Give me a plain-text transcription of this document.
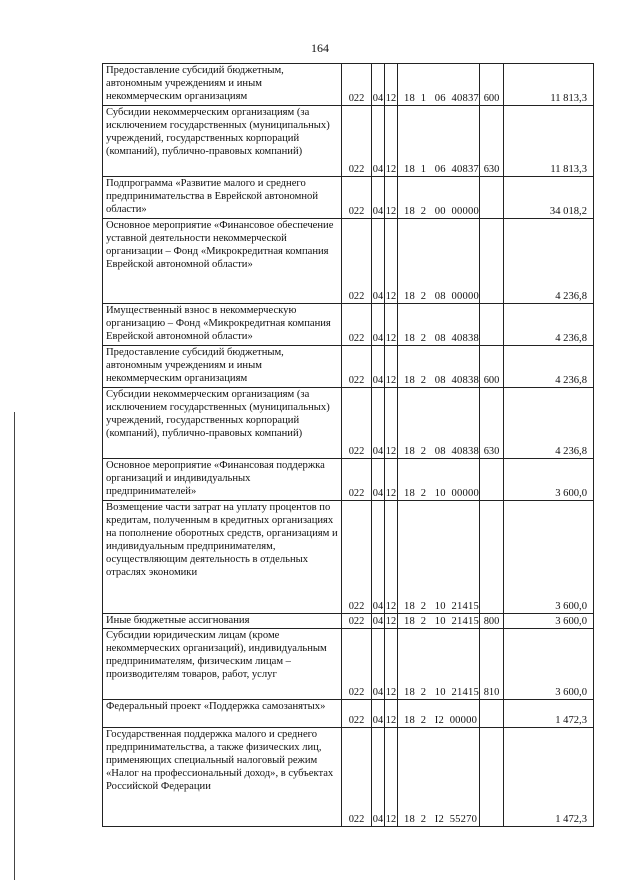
164
Предоставление субсидий бюджетным, автономным учреждениям и иным некоммерческим организациям	022	04	12	18 1 06 40837	600	11 813,3
Субсидии некоммерческим организациям (за исключением государственных (муниципальных) учреждений, государственных корпораций (компаний), публично-правовых компаний)	022	04	12	18 1 06 40837	630	11 813,3
Подпрограмма «Развитие малого и среднего предпринимательства в Еврейской автономной области»	022	04	12	18 2 00 00000		34 018,2
Основное мероприятие «Финансовое обеспечение уставной деятельности некоммерческой организации – Фонд «Микрокредитная компания Еврейской автономной области»	022	04	12	18 2 08 00000		4 236,8
Имущественный взнос в некоммерческую организацию – Фонд «Микрокредитная компания Еврейской автономной области»	022	04	12	18 2 08 40838		4 236,8
Предоставление субсидий бюджетным, автономным учреждениям и иным некоммерческим организациям	022	04	12	18 2 08 40838	600	4 236,8
Субсидии некоммерческим организациям (за исключением государственных (муниципальных) учреждений, государственных корпораций (компаний), публично-правовых компаний)	022	04	12	18 2 08 40838	630	4 236,8
Основное мероприятие «Финансовая поддержка организаций и индивидуальных предпринимателей»	022	04	12	18 2 10 00000		3 600,0
Возмещение части затрат на уплату процентов по кредитам, полученным в кредитных организациях на пополнение оборотных средств, организациям и индивидуальным предпринимателям, осуществляющим деятельность в отдельных отраслях экономики	022	04	12	18 2 10 21415		3 600,0
Иные бюджетные ассигнования	022	04	12	18 2 10 21415	800	3 600,0
Субсидии юридическим лицам (кроме некоммерческих организаций), индивидуальным предпринимателям, физическим лицам – производителям товаров, работ, услуг	022	04	12	18 2 10 21415	810	3 600,0
Федеральный проект «Поддержка самозанятых»	022	04	12	18 2 I2 00000		1 472,3
Государственная поддержка малого и среднего предпринимательства, а также физических лиц, применяющих специальный налоговый режим «Налог на профессиональный доход», в субъектах Российской Федерации	022	04	12	18 2 I2 55270		1 472,3
